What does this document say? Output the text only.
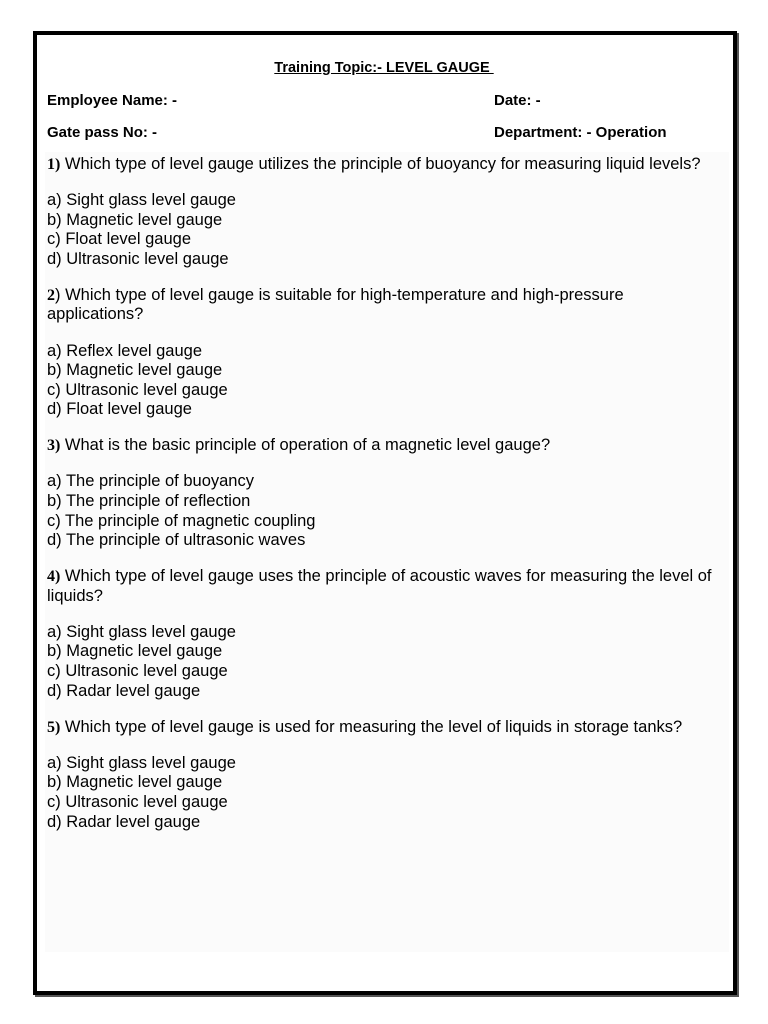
Training Topic:- LEVEL GAUGE
Employee Name: -	Date: -
Gate pass No: -	Department: - Operation
1) Which type of level gauge utilizes the principle of buoyancy for measuring liquid levels?
a) Sight glass level gauge
b) Magnetic level gauge
c) Float level gauge
d) Ultrasonic level gauge
2) Which type of level gauge is suitable for high-temperature and high-pressure applications?
a) Reflex level gauge
b) Magnetic level gauge
c) Ultrasonic level gauge
d) Float level gauge
3) What is the basic principle of operation of a magnetic level gauge?
a) The principle of buoyancy
b) The principle of reflection
c) The principle of magnetic coupling
d) The principle of ultrasonic waves
4) Which type of level gauge uses the principle of acoustic waves for measuring the level of liquids?
a) Sight glass level gauge
b) Magnetic level gauge
c) Ultrasonic level gauge
d) Radar level gauge
5) Which type of level gauge is used for measuring the level of liquids in storage tanks?
a) Sight glass level gauge
b) Magnetic level gauge
c) Ultrasonic level gauge
d) Radar level gauge
